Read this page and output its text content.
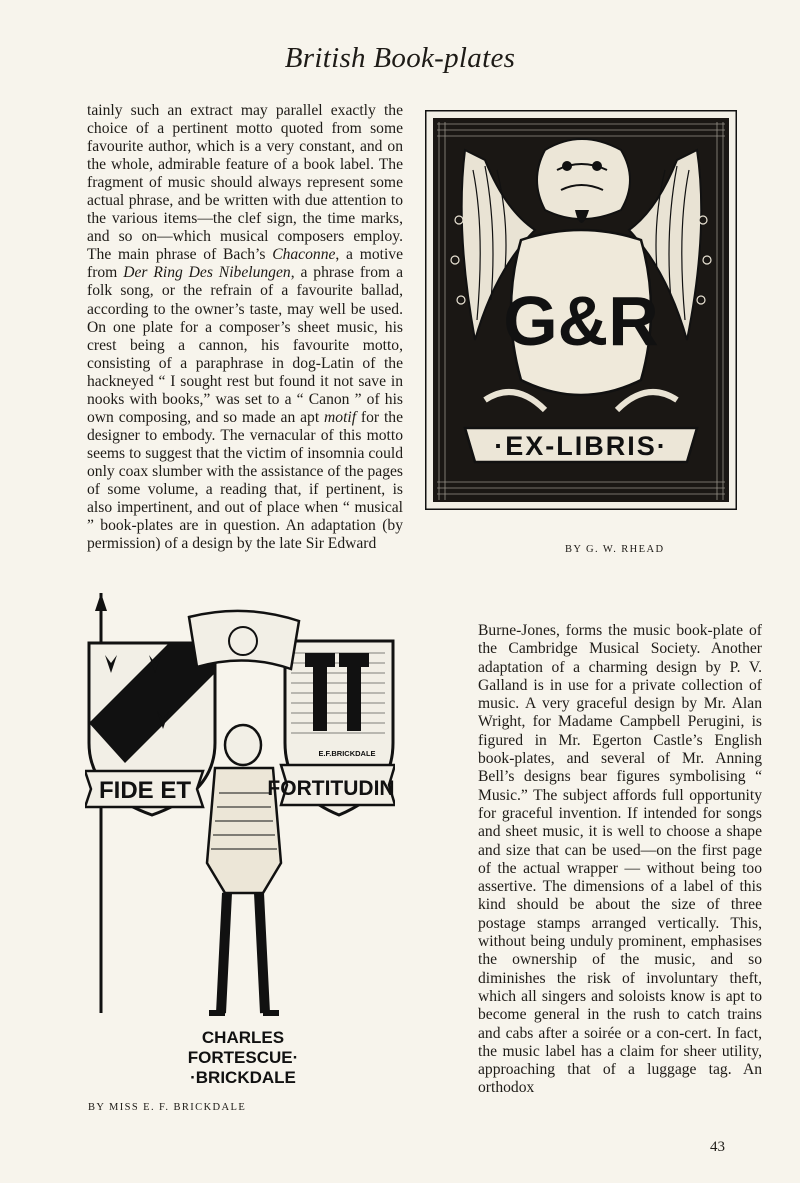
British Book-plates

tainly such an extract may parallel exactly the choice of a pertinent motto quoted from some favourite author, which is a very constant, and on the whole, admirable feature of a book label. The fragment of music should always represent some actual phrase, and be written with due attention to the various items—the clef sign, the time marks, and so on—which musical composers employ. The main phrase of Bach’s Chaconne, a motive from Der Ring Des Nibelungen, a phrase from a folk song, or the refrain of a favourite ballad, according to the owner’s taste, may well be used. On one plate for a composer’s sheet music, his crest being a cannon, his favourite motto, consisting of a paraphrase in dog-Latin of the hackneyed “ I sought rest but found it not save in nooks with books,” was set to a “ Canon ” of his own composing, and so made an apt motif for the designer to embody. The vernacular of this motto seems to suggest that the victim of insomnia could only coax slumber with the assistance of the pages of some volume, a reading that, if pertinent, is also impertinent, and out of place when “ musical ” book-plates are in question. An adaptation (by permission) of a design by the late Sir Edward

G&R
·EX-LIBRIS·
BY G. W. RHEAD
FIDE ET	FORTITUDINE
E.F.BRICKDALE
CHARLES
FORTESCUE·
·BRICKDALE
BY MISS E. F. BRICKDALE

Burne-Jones, forms the music book-plate of the Cambridge Musical Society. Another adaptation of a charming design by P. V. Galland is in use for a private collection of music. A very graceful design by Mr. Alan Wright, for Madame Campbell Perugini, is figured in Mr. Egerton Castle’s English book-plates, and several of Mr. Anning Bell’s designs bear figures symbolising “ Music.” The subject affords full opportunity for graceful invention. If intended for songs and sheet music, it is well to choose a shape and size that can be used—on the first page of the actual wrapper — without being too assertive. The dimensions of a label of this kind should be about the size of three postage stamps arranged vertically. This, without being unduly prominent, emphasises the ownership of the music, and so diminishes the risk of involuntary theft, which all singers and soloists know is apt to become general in the rush to catch trains and cabs after a soirée or a con-cert. In fact, the music label has a claim for sheer utility, approaching that of a luggage tag. An orthodox

43
